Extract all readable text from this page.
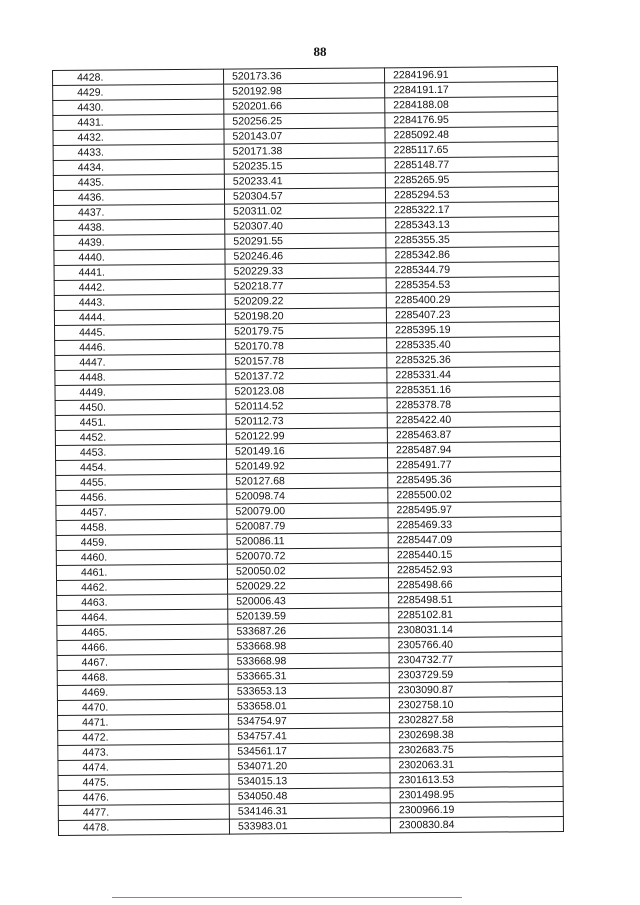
88
4428.	520173.36	2284196.91
4429.	520192.98	2284191.17
4430.	520201.66	2284188.08
4431.	520256.25	2284176.95
4432.	520143.07	2285092.48
4433.	520171.38	2285117.65
4434.	520235.15	2285148.77
4435.	520233.41	2285265.95
4436.	520304.57	2285294.53
4437.	520311.02	2285322.17
4438.	520307.40	2285343.13
4439.	520291.55	2285355.35
4440.	520246.46	2285342.86
4441.	520229.33	2285344.79
4442.	520218.77	2285354.53
4443.	520209.22	2285400.29
4444.	520198.20	2285407.23
4445.	520179.75	2285395.19
4446.	520170.78	2285335.40
4447.	520157.78	2285325.36
4448.	520137.72	2285331.44
4449.	520123.08	2285351.16
4450.	520114.52	2285378.78
4451.	520112.73	2285422.40
4452.	520122.99	2285463.87
4453.	520149.16	2285487.94
4454.	520149.92	2285491.77
4455.	520127.68	2285495.36
4456.	520098.74	2285500.02
4457.	520079.00	2285495.97
4458.	520087.79	2285469.33
4459.	520086.11	2285447.09
4460.	520070.72	2285440.15
4461.	520050.02	2285452.93
4462.	520029.22	2285498.66
4463.	520006.43	2285498.51
4464.	520139.59	2285102.81
4465.	533687.26	2308031.14
4466.	533668.98	2305766.40
4467.	533668.98	2304732.77
4468.	533665.31	2303729.59
4469.	533653.13	2303090.87
4470.	533658.01	2302758.10
4471.	534754.97	2302827.58
4472.	534757.41	2302698.38
4473.	534561.17	2302683.75
4474.	534071.20	2302063.31
4475.	534015.13	2301613.53
4476.	534050.48	2301498.95
4477.	534146.31	2300966.19
4478.	533983.01	2300830.84
